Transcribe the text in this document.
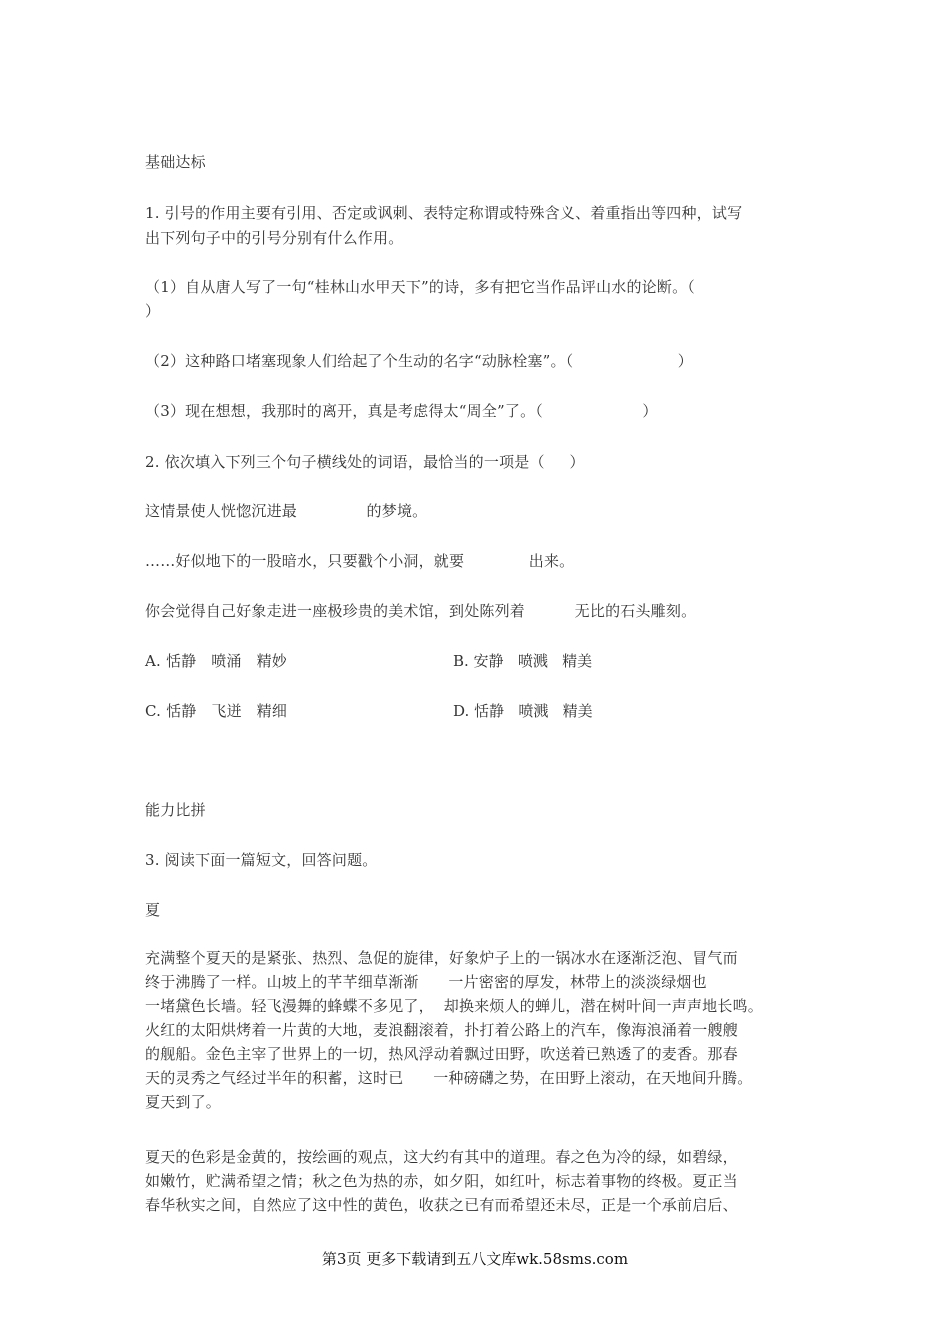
基础达标
1. 引号的作用主要有引用、否定或讽刺、表特定称谓或特殊含义、着重指出等四种，试写
出下列句子中的引号分别有什么作用。
（1）自从唐人写了一句“桂林山水甲天下”的诗，多有把它当作品评山水的论断。（
）
（2）这种路口堵塞现象人们给起了个生动的名字“动脉栓塞”。（                     ）
（3）现在想想，我那时的离开，真是考虑得太“周全”了。（                    ）
2. 依次填入下列三个句子横线处的词语，最恰当的一项是（     ）
这情景使人恍惚沉进最              的梦境。
……好似地下的一股暗水，只要戳个小洞，就要             出来。
你会觉得自己好象走进一座极珍贵的美术馆，到处陈列着          无比的石头雕刻。
A. 恬静   喷涌   精妙	B. 安静   喷溅   精美
C. 恬静   飞迸   精细	D. 恬静   喷溅   精美
能力比拼
3. 阅读下面一篇短文，回答问题。
夏

充满整个夏天的是紧张、热烈、急促的旋律，好象炉子上的一锅冰水在逐渐泛泡、冒气而

终于沸腾了一样。山坡上的芊芊细草渐渐      一片密密的厚发，林带上的淡淡绿烟也

一堵黛色长墙。轻飞漫舞的蜂蝶不多见了，  却换来烦人的蝉儿，潜在树叶间一声声地长鸣。

火红的太阳烘烤着一片黄的大地，麦浪翻滚着，扑打着公路上的汽车，像海浪涌着一艘艘

的舰船。金色主宰了世界上的一切，热风浮动着飘过田野，吹送着已熟透了的麦香。那春

天的灵秀之气经过半年的积蓄，这时已      一种磅礴之势，在田野上滚动，在天地间升腾。

夏天到了。

夏天的色彩是金黄的，按绘画的观点，这大约有其中的道理。春之色为冷的绿，如碧绿，

如嫩竹，贮满希望之情；秋之色为热的赤，如夕阳，如红叶，标志着事物的终极。夏正当

春华秋实之间，自然应了这中性的黄色，收获之已有而希望还未尽，正是一个承前启后、

第3页 更多下载请到五八文库wk.58sms.com
